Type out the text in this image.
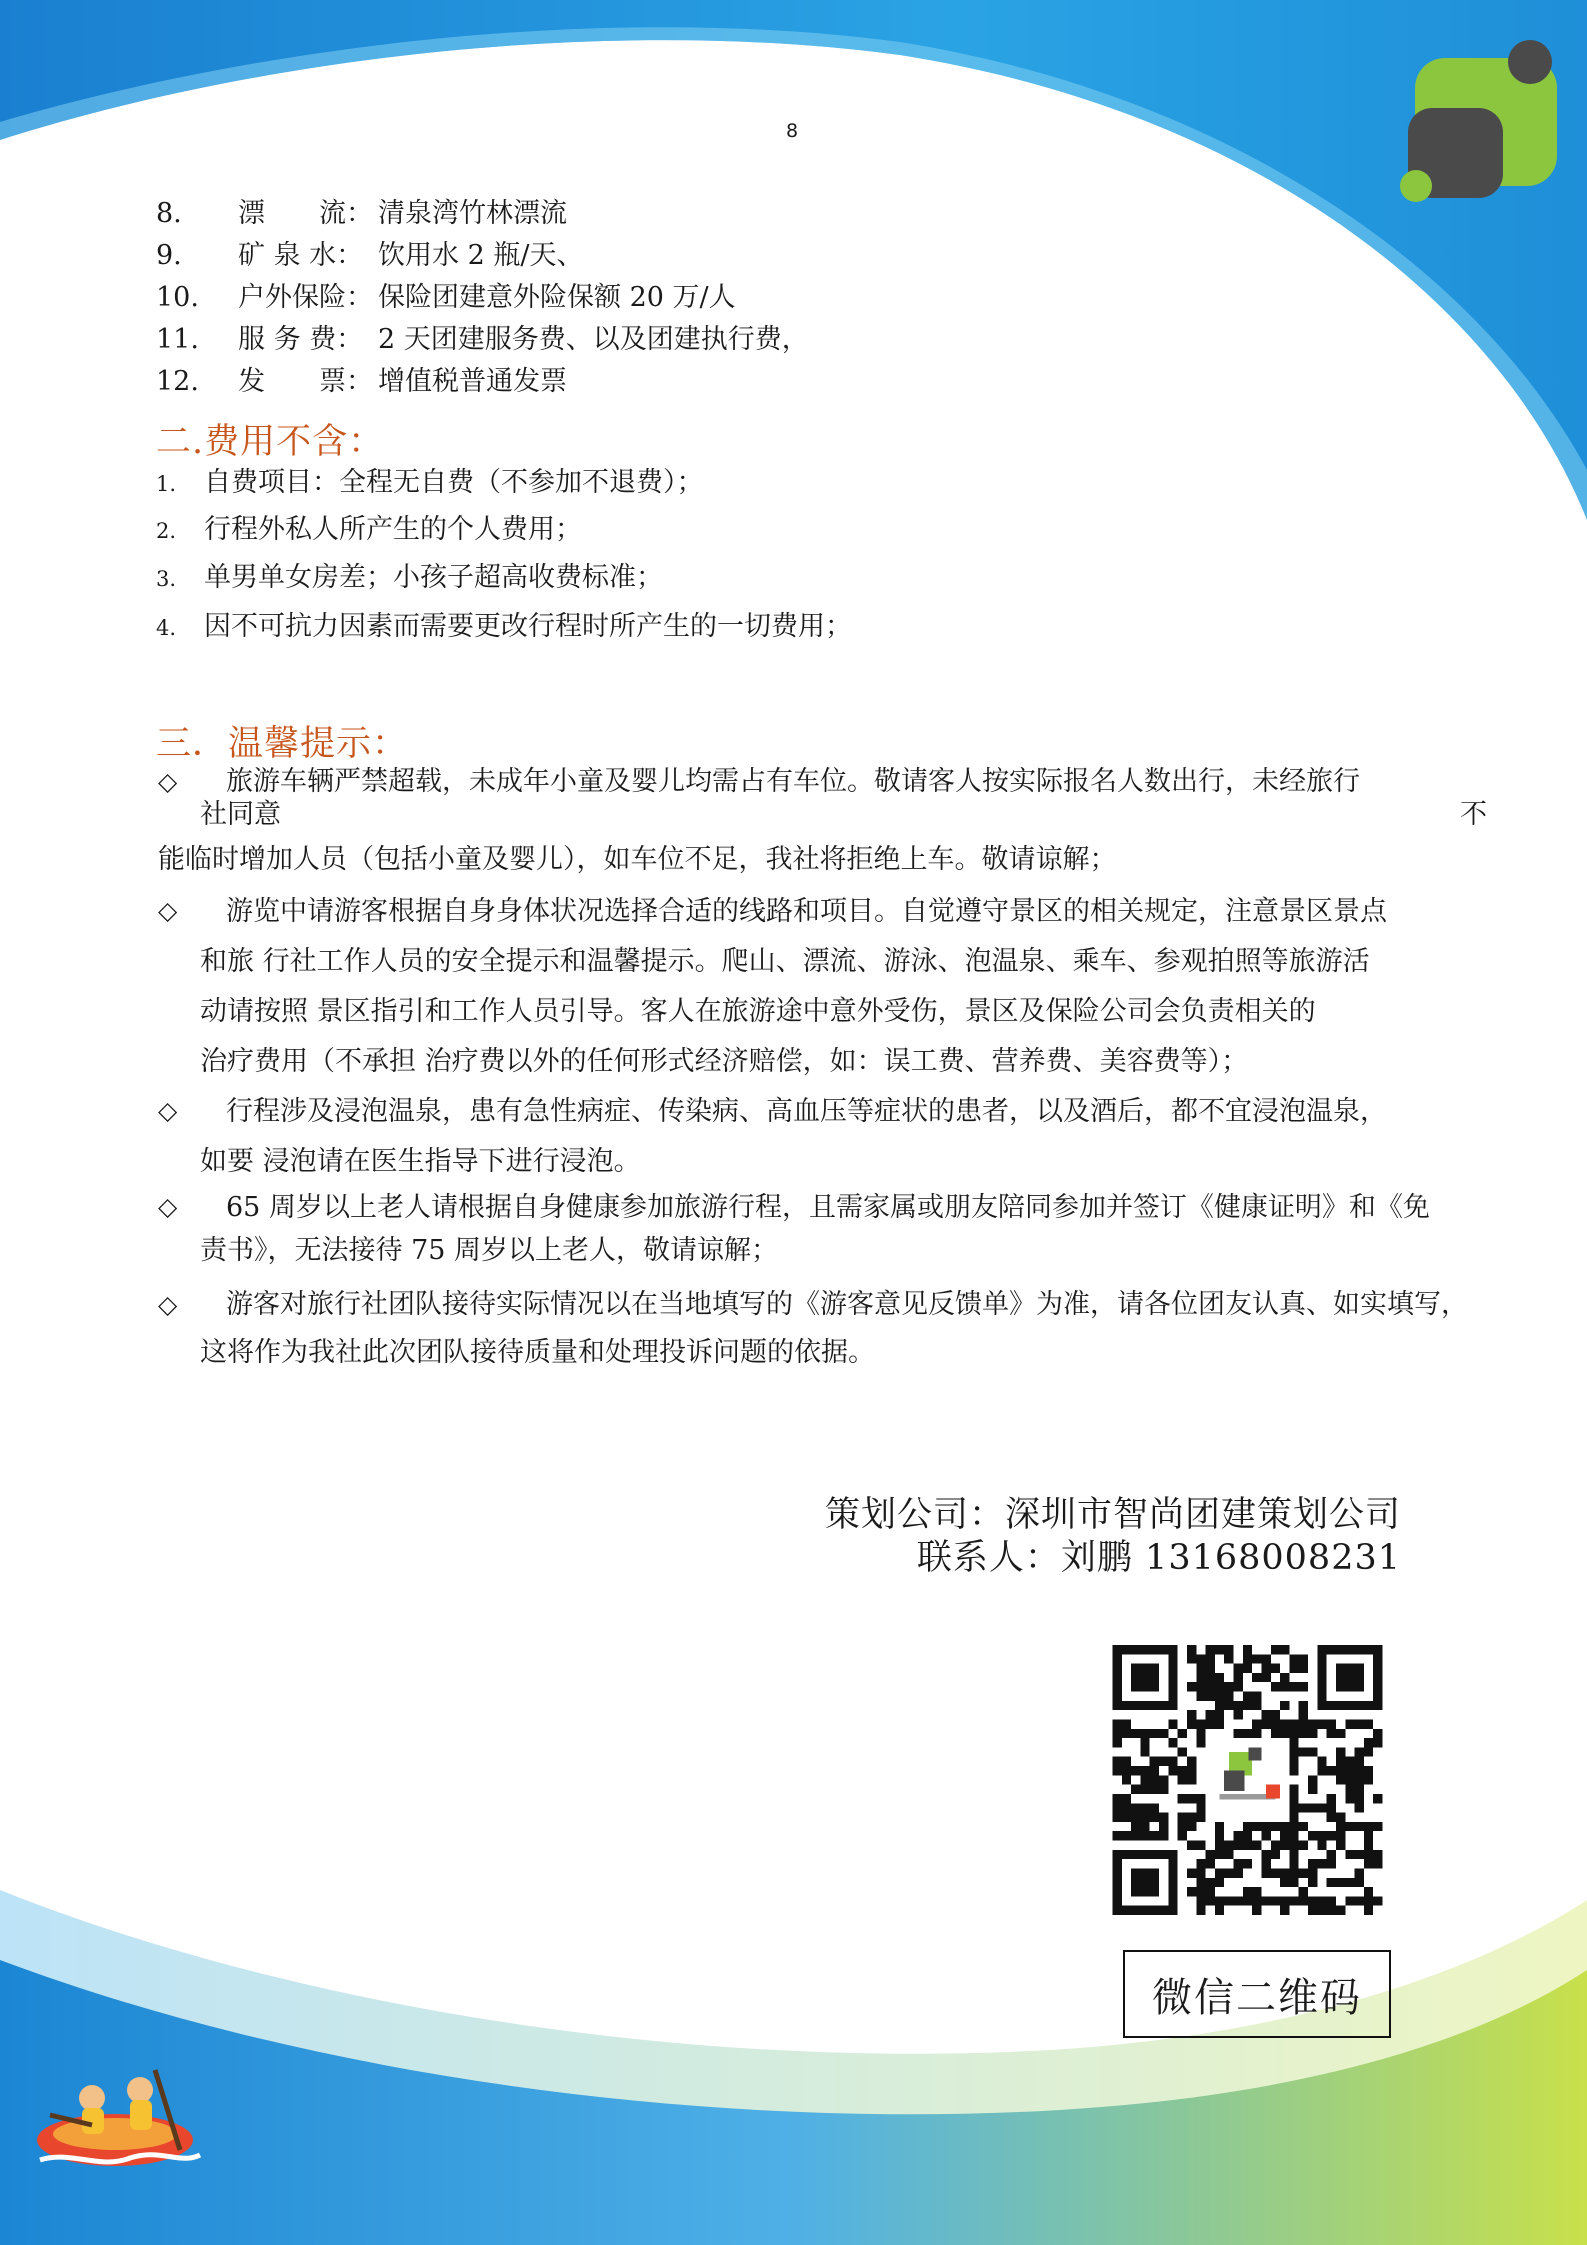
8
8.	漂　　流： 清泉湾竹林漂流
9.	矿 泉 水： 饮用水 2 瓶/天、
10.	户外保险： 保险团建意外险保额 20 万/人
11.	服 务 费： 2 天团建服务费、以及团建执行费，
12.	发　　票： 增值税普通发票
二.费用不含：
1. 自费项目：全程无自费（不参加不退费）；
2. 行程外私人所产生的个人费用；
3. 单男单女房差；小孩子超高收费标准；
4. 因不可抗力因素而需要更改行程时所产生的一切费用；
三．温馨提示：
◇ 旅游车辆严禁超载，未成年小童及婴儿均需占有车位。敬请客人按实际报名人数出行，未经旅行
社同意	不
能临时增加人员（包括小童及婴儿），如车位不足，我社将拒绝上车。敬请谅解；
◇ 游览中请游客根据自身身体状况选择合适的线路和项目。自觉遵守景区的相关规定，注意景区景点
和旅 行社工作人员的安全提示和温馨提示。爬山、漂流、游泳、泡温泉、乘车、参观拍照等旅游活
动请按照 景区指引和工作人员引导。客人在旅游途中意外受伤，景区及保险公司会负责相关的
治疗费用（不承担 治疗费以外的任何形式经济赔偿，如：误工费、营养费、美容费等）；
◇ 行程涉及浸泡温泉，患有急性病症、传染病、高血压等症状的患者，以及酒后，都不宜浸泡温泉，
如要 浸泡请在医生指导下进行浸泡。
◇ 65 周岁以上老人请根据自身健康参加旅游行程，且需家属或朋友陪同参加并签订《健康证明》和《免
责书》，无法接待 75 周岁以上老人，敬请谅解；
◇ 游客对旅行社团队接待实际情况以在当地填写的《游客意见反馈单》为准，请各位团友认真、如实填写，
这将作为我社此次团队接待质量和处理投诉问题的依据。
策划公司：深圳市智尚团建策划公司
联系人：刘鹏 13168008231
微信二维码
